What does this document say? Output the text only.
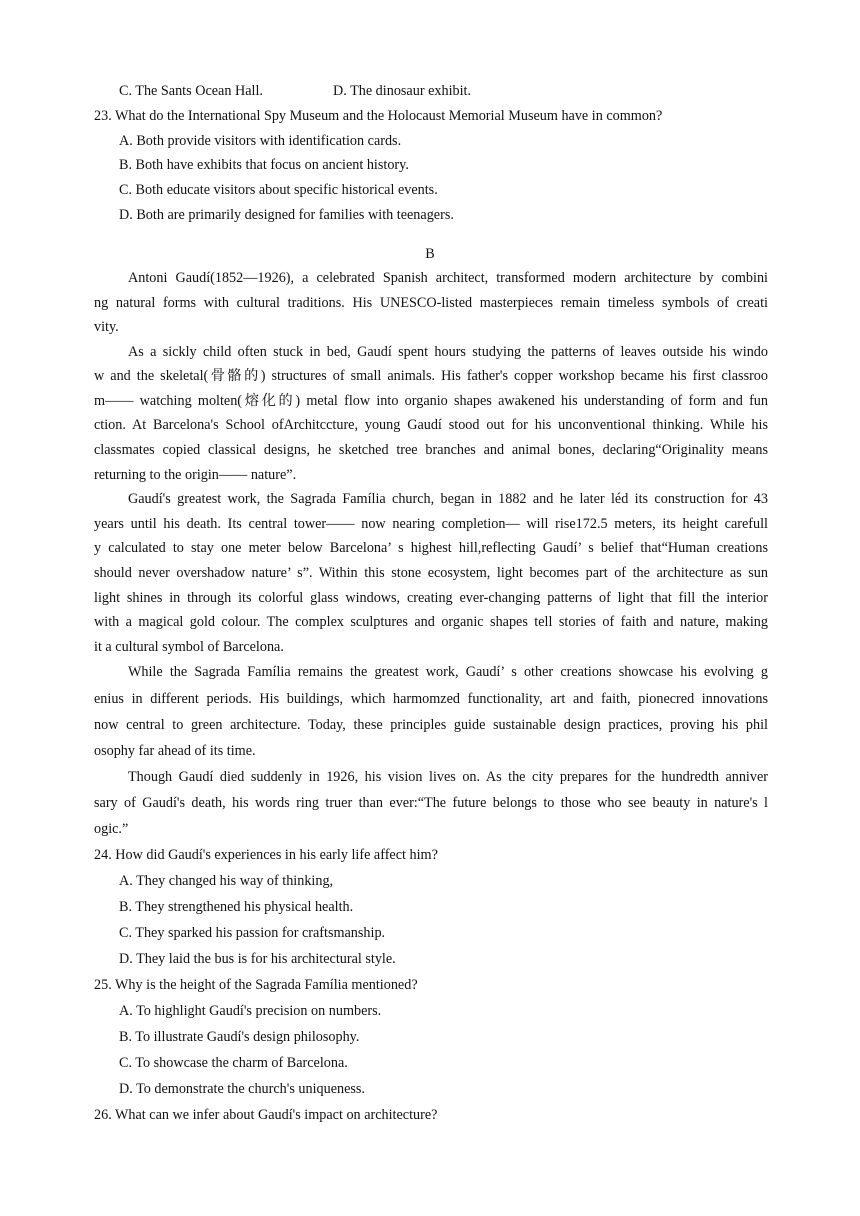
C. The Sants Ocean Hall.	D. The dinosaur exhibit.
23. What do the International Spy Museum and the Holocaust Memorial Museum have in common?
A. Both provide visitors with identification cards.
B. Both have exhibits that focus on ancient history.
C. Both educate visitors about specific historical events.
D. Both are primarily designed for families with teenagers.
B
Antoni Gaudí(1852—1926), a celebrated Spanish architect, transformed modern architecture by combini
ng natural forms with cultural traditions. His UNESCO-listed masterpieces remain timeless symbols of creati
vity.
As a sickly child often stuck in bed, Gaudí spent hours studying the patterns of leaves outside his windo
w and the skeletal(骨骼的) structures of small animals. His father's copper workshop became his first classroo
m—— watching molten(熔化的) metal flow into organio shapes awakened his understanding of form and fun
ction. At Barcelona's School ofArchitccture, young Gaudí stood out for his unconventional thinking. While his
classmates copied classical designs, he sketched tree branches and animal bones, declaring“Originality means
returning to the origin—— nature”.
Gaudí's greatest work, the Sagrada Família church, began in 1882 and he later léd its construction for 43
years until his death. Its central tower—— now nearing completion— will rise172.5 meters, its height carefull
y calculated to stay one meter below Barcelona’ s highest hill,reflecting Gaudí’ s belief that“Human creations
should never overshadow nature’ s”. Within this stone ecosystem, light becomes part of the architecture as sun
light shines in through its colorful glass windows, creating ever-changing patterns of light that fill the interior
with a magical gold colour. The complex sculptures and organic shapes tell stories of faith and nature, making
it a cultural symbol of Barcelona.
While the Sagrada Família remains the greatest work, Gaudí’ s other creations showcase his evolving g
enius in different periods. His buildings, which harmomzed functionality, art and faith, pionecred innovations
now central to green architecture. Today, these principles guide sustainable design practices, proving his phil
osophy far ahead of its time.
Though Gaudí died suddenly in 1926, his vision lives on. As the city prepares for the hundredth anniver
sary of Gaudí's death, his words ring truer than ever:“The future belongs to those who see beauty in nature's l
ogic.”
24. How did Gaudí's experiences in his early life affect him?
A. They changed his way of thinking,
B. They strengthened his physical health.
C. They sparked his passion for craftsmanship.
D. They laid the bus is for his architectural style.
25. Why is the height of the Sagrada Família mentioned?
A. To highlight Gaudí's precision on numbers.
B. To illustrate Gaudí's design philosophy.
C. To showcase the charm of Barcelona.
D. To demonstrate the church's uniqueness.
26. What can we infer about Gaudí's impact on architecture?
